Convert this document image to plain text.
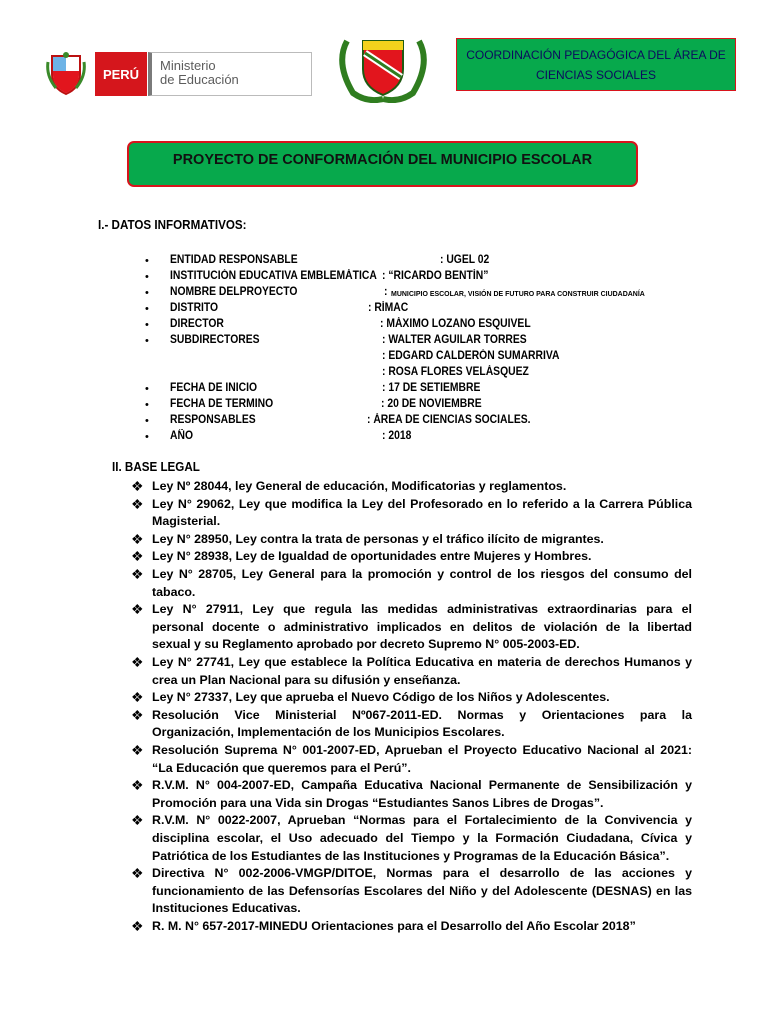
PERÚ
Ministerio
de Educación
COORDINACIÓN PEDAGÓGICA DEL ÁREA DE
CIENCIAS SOCIALES
PROYECTO DE CONFORMACIÓN DEL MUNICIPIO ESCOLAR
I.- DATOS INFORMATIVOS:
• ENTIDAD RESPONSABLE	: UGEL 02
• INSTITUCIÓN EDUCATIVA EMBLEMÁTICA : “RICARDO BENTÍN”
• NOMBRE DELPROYECTO	: MUNICIPIO ESCOLAR, VISIÓN DE FUTURO PARA CONSTRUIR CIUDADANÍA
• DISTRITO	: RÍMAC
• DIRECTOR	: MÁXIMO LOZANO ESQUIVEL
• SUBDIRECTORES	: WALTER AGUILAR TORRES
: EDGARD CALDERÓN SUMARRIVA
: ROSA FLORES VELÁSQUEZ
• FECHA DE INICIO	: 17 DE SETIEMBRE
• FECHA DE TERMINO	: 20 DE NOVIEMBRE
• RESPONSABLES	: ÁREA DE CIENCIAS SOCIALES.
• AÑO	: 2018
II. BASE LEGAL
❖ Ley Nº 28044, ley General de educación, Modificatorias y reglamentos.
❖ Ley N° 29062, Ley que modifica la Ley del Profesorado en lo referido a la Carrera Pública
Magisterial.
❖ Ley N° 28950, Ley contra la trata de personas y el tráfico ilícito de migrantes.
❖ Ley N° 28938, Ley de Igualdad de oportunidades entre Mujeres y Hombres.
❖ Ley N° 28705, Ley General para la promoción y control de los riesgos del consumo del
tabaco.
❖ Ley N° 27911, Ley que regula las medidas administrativas extraordinarias para el
personal docente o administrativo implicados en delitos de violación de la libertad
sexual y su Reglamento aprobado por decreto Supremo N° 005-2003-ED.
❖ Ley N° 27741, Ley que establece la Política Educativa en materia de derechos Humanos y
crea un Plan Nacional para su difusión y enseñanza.
❖ Ley N° 27337, Ley que aprueba el Nuevo Código de los Niños y Adolescentes.
❖ Resolución Vice Ministerial Nº067-2011-ED. Normas y Orientaciones para la
Organización, Implementación de los Municipios Escolares.
❖ Resolución Suprema N° 001-2007-ED, Aprueban el Proyecto Educativo Nacional al 2021:
“La Educación que queremos para el Perú”.
❖ R.V.M. N° 004-2007-ED, Campaña Educativa Nacional Permanente de Sensibilización y
Promoción para una Vida sin Drogas “Estudiantes Sanos Libres de Drogas”.
❖ R.V.M. N° 0022-2007, Aprueban “Normas para el Fortalecimiento de la Convivencia y
disciplina escolar, el Uso adecuado del Tiempo y la Formación Ciudadana, Cívica y
Patriótica de los Estudiantes de las Instituciones y Programas de la Educación Básica”.
❖ Directiva N° 002-2006-VMGP/DITOE, Normas para el desarrollo de las acciones y
funcionamiento de las Defensorías Escolares del Niño y del Adolescente (DESNAS) en las
Instituciones Educativas.
❖ R. M. N° 657-2017-MINEDU Orientaciones para el Desarrollo del Año Escolar 2018”
